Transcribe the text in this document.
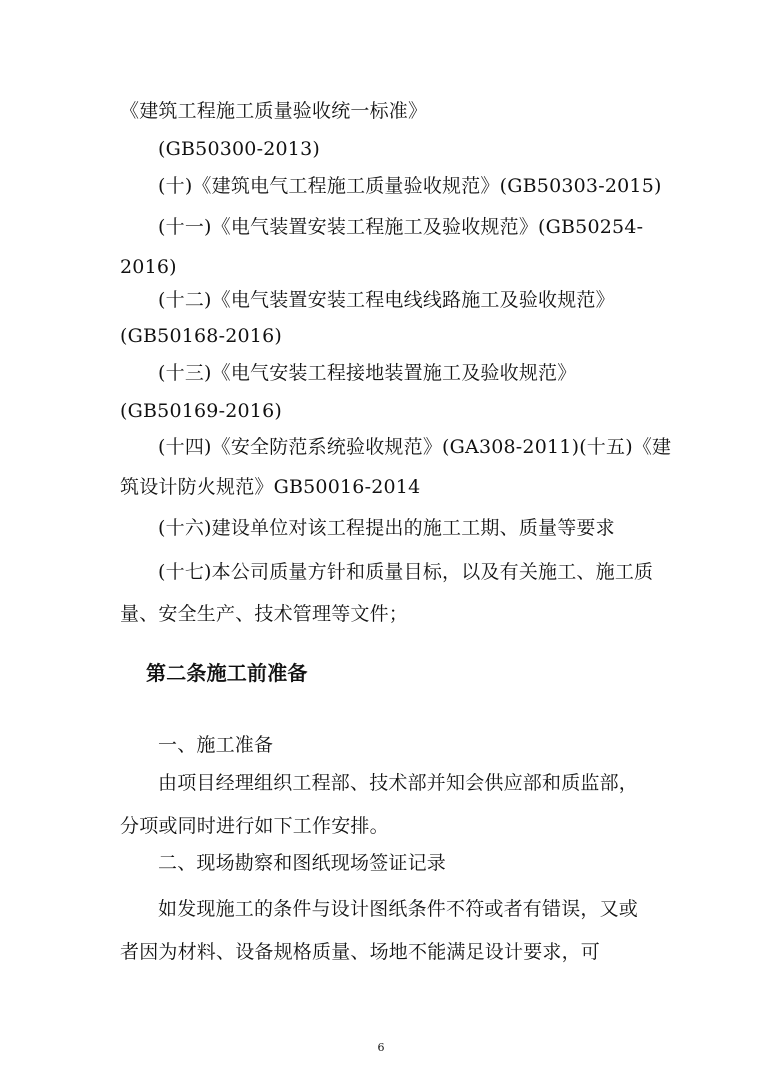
《建筑工程施工质量验收统一标准》
(GB50300-2013)
(十)《建筑电气工程施工质量验收规范》(GB50303-2015)
(十一)《电气装置安装工程施工及验收规范》(GB50254-
2016)
(十二)《电气装置安装工程电线线路施工及验收规范》
(GB50168-2016)
(十三)《电气安装工程接地装置施工及验收规范》
(GB50169-2016)
(十四)《安全防范系统验收规范》(GA308-2011)(十五)《建
筑设计防火规范》GB50016-2014
(十六)建设单位对该工程提出的施工工期、质量等要求
(十七)本公司质量方针和质量目标，以及有关施工、施工质
量、安全生产、技术管理等文件；
第二条施工前准备
一、施工准备
由项目经理组织工程部、技术部并知会供应部和质监部，
分项或同时进行如下工作安排。
二、现场勘察和图纸现场签证记录
如发现施工的条件与设计图纸条件不符或者有错误，又或
者因为材料、设备规格质量、场地不能满足设计要求，可
6
